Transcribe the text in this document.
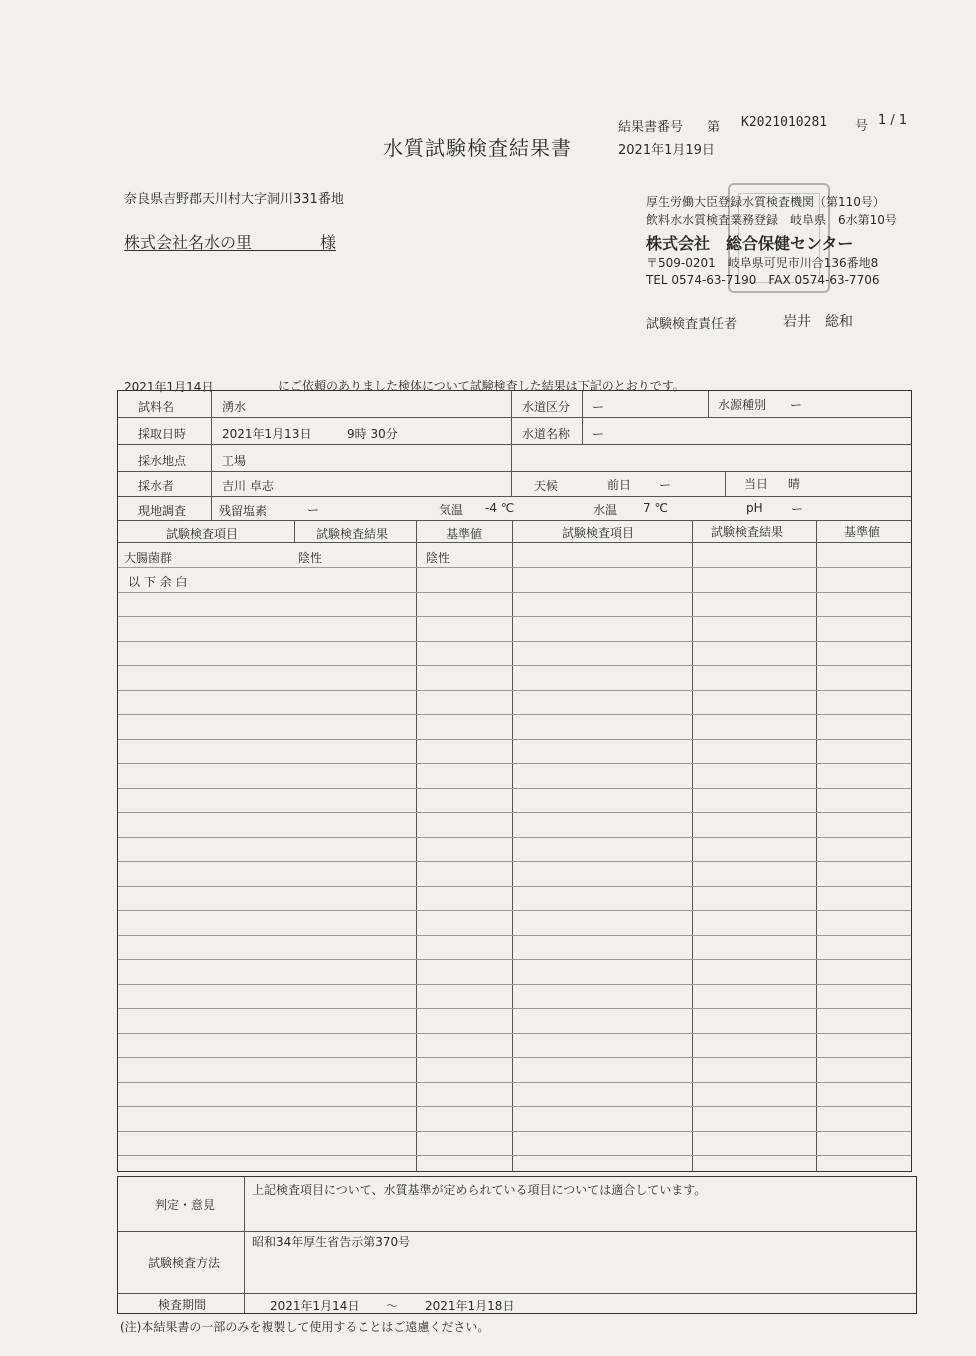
水質試験検査結果書
結果書番号 第 K2021010281 号 1 / 1
2021年1月19日
奈良県吉野郡天川村大字洞川331番地
株式会社名水の里	様
厚生労働大臣登録水質検査機関（第110号）
飲料水水質検査業務登録　岐阜県　6水第10号
株式会社　総合保健センター
〒509-0201　岐阜県可児市川合136番地8
TEL 0574-63-7190　FAX 0574-63-7706
試験検査責任者	岩井　総和
2021年1月14日	にご依頼のありました検体について試験検査した結果は下記のとおりです。
試料名	湧水	水道区分 ー	水源種別 ー
採取日時	2021年1月13日	9時 30分	水道名称 ー
採水地点	工場
採水者	吉川 卓志	天候	前日 ー	当日 晴
現地調査	残留塩素	ー	気温 -4 ℃	水温 7 ℃	pH ー
試験検査項目	試験検査結果	基準値	試験検査項目	試験検査結果	基準値
大腸菌群	陰性	陰性
以 下 余 白
判定・意見
上記検査項目について、水質基準が定められている項目については適合しています。
試験検査方法
昭和34年厚生省告示第370号
検査期間	2021年1月14日 ～ 2021年1月18日
(注)本結果書の一部のみを複製して使用することはご遠慮ください。
